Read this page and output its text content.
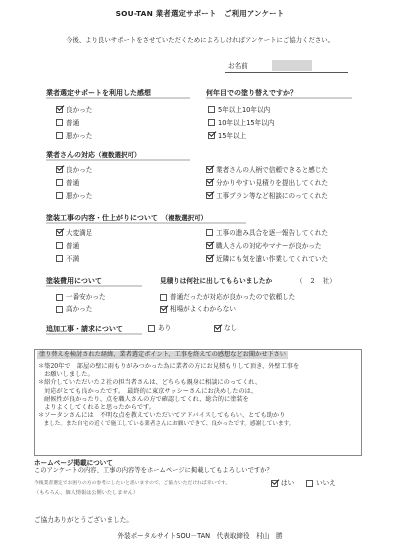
SOU-TAN 業者選定サポート　ご利用アンケート
今後、より良いサポートをさせていただくためによろしければアンケートにご協力ください。
お名前
業者選定サポートを利用した感想
良かった
普通
悪かった
何年目での塗り替えですか？
5年以上10年以内
10年以上15年以内
15年以上
業者さんの対応（複数選択可）
良かった
普通
悪かった
業者さんの人柄で信頼できると感じた
分かりやすい見積りを提出してくれた
工事プラン等など相談にのってくれた
塗装工事の内容・仕上がりについて　 （複数選択可）
大変満足
普通
不満
工事の進み具合を逐一報告してくれた
職人さんの対応やマナーが良かった
近隣にも気を遣い作業してくれていた
塗装費用について	見積りは何社に出してもらいましたか	（ 2 社）
一番安かった
高かった
普通だったが対応が良かったので依頼した
相場がよくわからない
追加工事・請求について	あり	なし
塗り替えを検討された経緯、業者選定ポイント、工事を終えての感想などお聞かせ下さい
＊築20年で　部屋の壁に雨もりがみつかった為に業者の方にお見積もりして頂き、外壁工事を
　お願いしました。
＊紹介していただいた２社の担当者さんは、どちらも親身に相談にのってくれ、
　対応がとても良かったです。　最終的に東京サッシーさんにお決めしたのは、
　耐候性が良かったり、点を職人さんの方で確認してくれ、総合的に塗装を
　よりよくしてくれると思ったからです。
＊ソータンさんには　不明な点を教えていただいてアドバイスしてもらい、とても助かり
　ました。また自宅の近くで施工している業者さんにお願いできて、良かったです。感謝しています。
ホームページ掲載について
このアンケートの内容、工事の内容等をホームページに掲載してもよろしいですか？
今後業者選定でお困りの方の参考にしたいと思いますので、ご協力いただければ幸いです。
（もちろん、個人情報は公開いたしません）
はい	いいえ
ご協力ありがとうございました。
外装ポータルサイトSOU－TAN　代表取締役　村山　勝
